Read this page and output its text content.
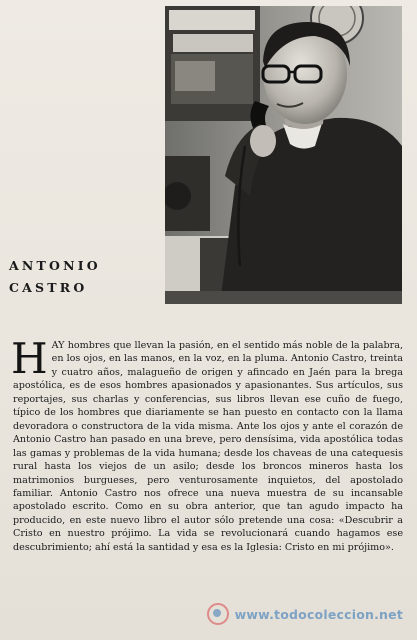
ANTONIO
CASTRO
HAY hombres que llevan la pasión, en el sentido más noble de la palabra, en los ojos, en las manos, en la voz, en la pluma. Antonio Castro, treinta y cuatro años, malagueño de origen y afincado en Jaén para la brega apostólica, es de esos hombres apasionados y apasionantes. Sus artículos, sus reportajes, sus charlas y conferencias, sus libros llevan ese cuño de fuego, típico de los hombres que diariamente se han puesto en contacto con la llama devoradora o constructora de la vida misma. Ante los ojos y ante el corazón de Antonio Castro han pasado en una breve, pero densísima, vida apostólica todas las gamas y problemas de la vida humana; desde los chaveas de una catequesis rural hasta los viejos de un asilo; desde los broncos mineros hasta los matrimonios burgueses, pero venturosamente inquietos, del apostolado familiar. Antonio Castro nos ofrece una nueva muestra de su incansable apostolado escrito. Como en su obra anterior, que tan agudo impacto ha producido, en este nuevo libro el autor sólo pretende una cosa: «Descubrir a Cristo en nuestro prójimo. La vida se revolucionará cuando hagamos ese descubrimiento; ahí está la santidad y esa es la Iglesia: Cristo en mi prójimo».
www.todocoleccion.net
